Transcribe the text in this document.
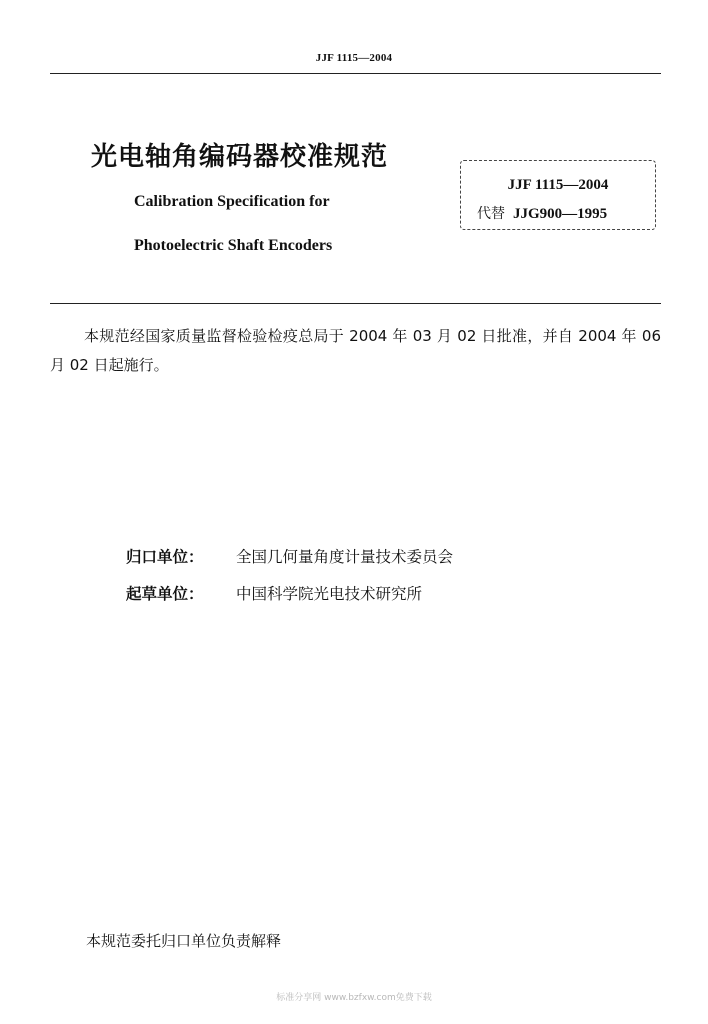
JJF 1115—2004
光电轴角编码器校准规范
Calibration Specification for
Photoelectric Shaft Encoders
JJF 1115—2004
代替 JJG900—1995
本规范经国家质量监督检验检疫总局于 2004 年 03 月 02 日批准，并自 2004 年 06 月 02 日起施行。
归口单位： 全国几何量角度计量技术委员会
起草单位： 中国科学院光电技术研究所
本规范委托归口单位负责解释
标准分享网 www.bzfxw.com免费下载
